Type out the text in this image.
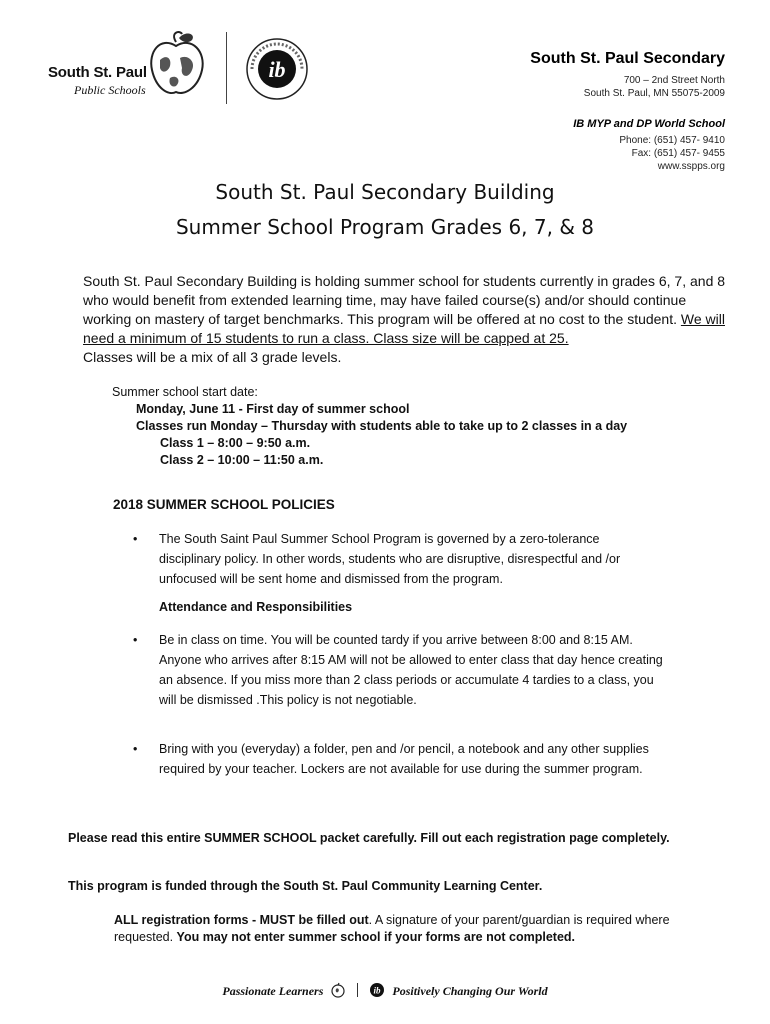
South St. Paul
Public Schools
ib	South St. Paul Secondary
700 – 2nd Street North
South St. Paul, MN 55075-2009
IB MYP and DP World School
Phone: (651) 457- 9410
Fax: (651) 457- 9455
www.sspps.org
South St. Paul Secondary Building
Summer School Program Grades 6, 7, & 8
South St. Paul Secondary Building is holding summer school for students currently in grades 6, 7, and 8 who would benefit from extended learning time, may have failed course(s) and/or should continue working on mastery of target benchmarks. This program will be offered at no cost to the student. We will need a minimum of 15 students to run a class. Class size will be capped at 25.
Classes will be a mix of all 3 grade levels.
Summer school start date:
Monday, June 11 - First day of summer school
Classes run Monday – Thursday with students able to take up to 2 classes in a day
Class 1 – 8:00 – 9:50 a.m.
Class 2 – 10:00 – 11:50 a.m.
2018 SUMMER SCHOOL POLICIES
• The South Saint Paul Summer School Program is governed by a zero-tolerance disciplinary policy. In other words, students who are disruptive, disrespectful and /or unfocused will be sent home and dismissed from the program.
Attendance and Responsibilities
• Be in class on time. You will be counted tardy if you arrive between 8:00 and 8:15 AM. Anyone who arrives after 8:15 AM will not be allowed to enter class that day hence creating an absence. If you miss more than 2 class periods or accumulate 4 tardies to a class, you will be dismissed .This policy is not negotiable.
• Bring with you (everyday) a folder, pen and /or pencil, a notebook and any other supplies required by your teacher. Lockers are not available for use during the summer program.
Please read this entire SUMMER SCHOOL packet carefully. Fill out each registration page completely.
This program is funded through the South St. Paul Community Learning Center.
ALL registration forms - MUST be filled out. A signature of your parent/guardian is required where requested. You may not enter summer school if your forms are not completed.
Passionate Learners	ib Positively Changing Our World
